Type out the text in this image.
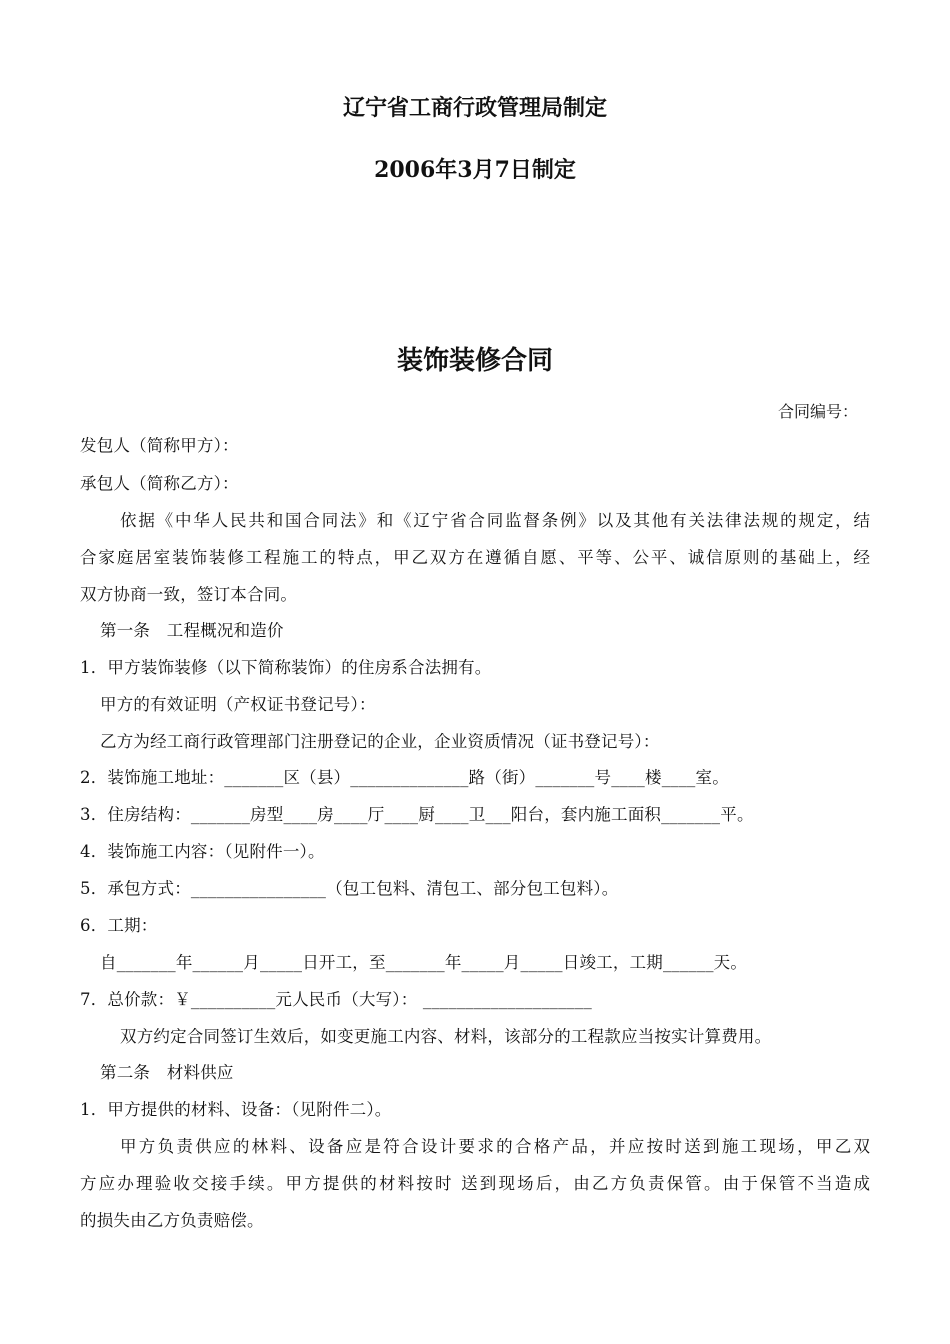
辽宁省工商行政管理局制定
2006年3月7日制定
装饰装修合同
合同编号：
发包人（简称甲方）：
承包人（简称乙方）：
依据《中华人民共和国合同法》和《辽宁省合同监督条例》以及其他有关法律法规的规定，结
合家庭居室装饰装修工程施工的特点，甲乙双方在遵循自愿、平等、公平、诚信原则的基础上，经
双方协商一致，签订本合同。
第一条　工程概况和造价
1．甲方装饰装修（以下简称装饰）的住房系合法拥有。
甲方的有效证明（产权证书登记号）：
乙方为经工商行政管理部门注册登记的企业，企业资质情况（证书登记号）：
2．装饰施工地址：_______区（县）______________路（街）_______号____楼____室。
3．住房结构：_______房型____房____厅____厨____卫___阳台，套内施工面积_______平。
4．装饰施工内容：（见附件一）。
5．承包方式：________________（包工包料、清包工、部分包工包料）。
6．工期：
自_______年______月_____日开工，至_______年_____月_____日竣工，工期______天。
7．总价款：￥__________元人民币（大写）： ____________________
双方约定合同签订生效后，如变更施工内容、材料，该部分的工程款应当按实计算费用。
第二条　材料供应
1．甲方提供的材料、设备：（见附件二）。
甲方负责供应的林料、设备应是符合设计要求的合格产品，并应按时送到施工现场，甲乙双
方应办理验收交接手续。甲方提供的材料按时 送到现场后，由乙方负责保管。由于保管不当造成
的损失由乙方负责赔偿。
